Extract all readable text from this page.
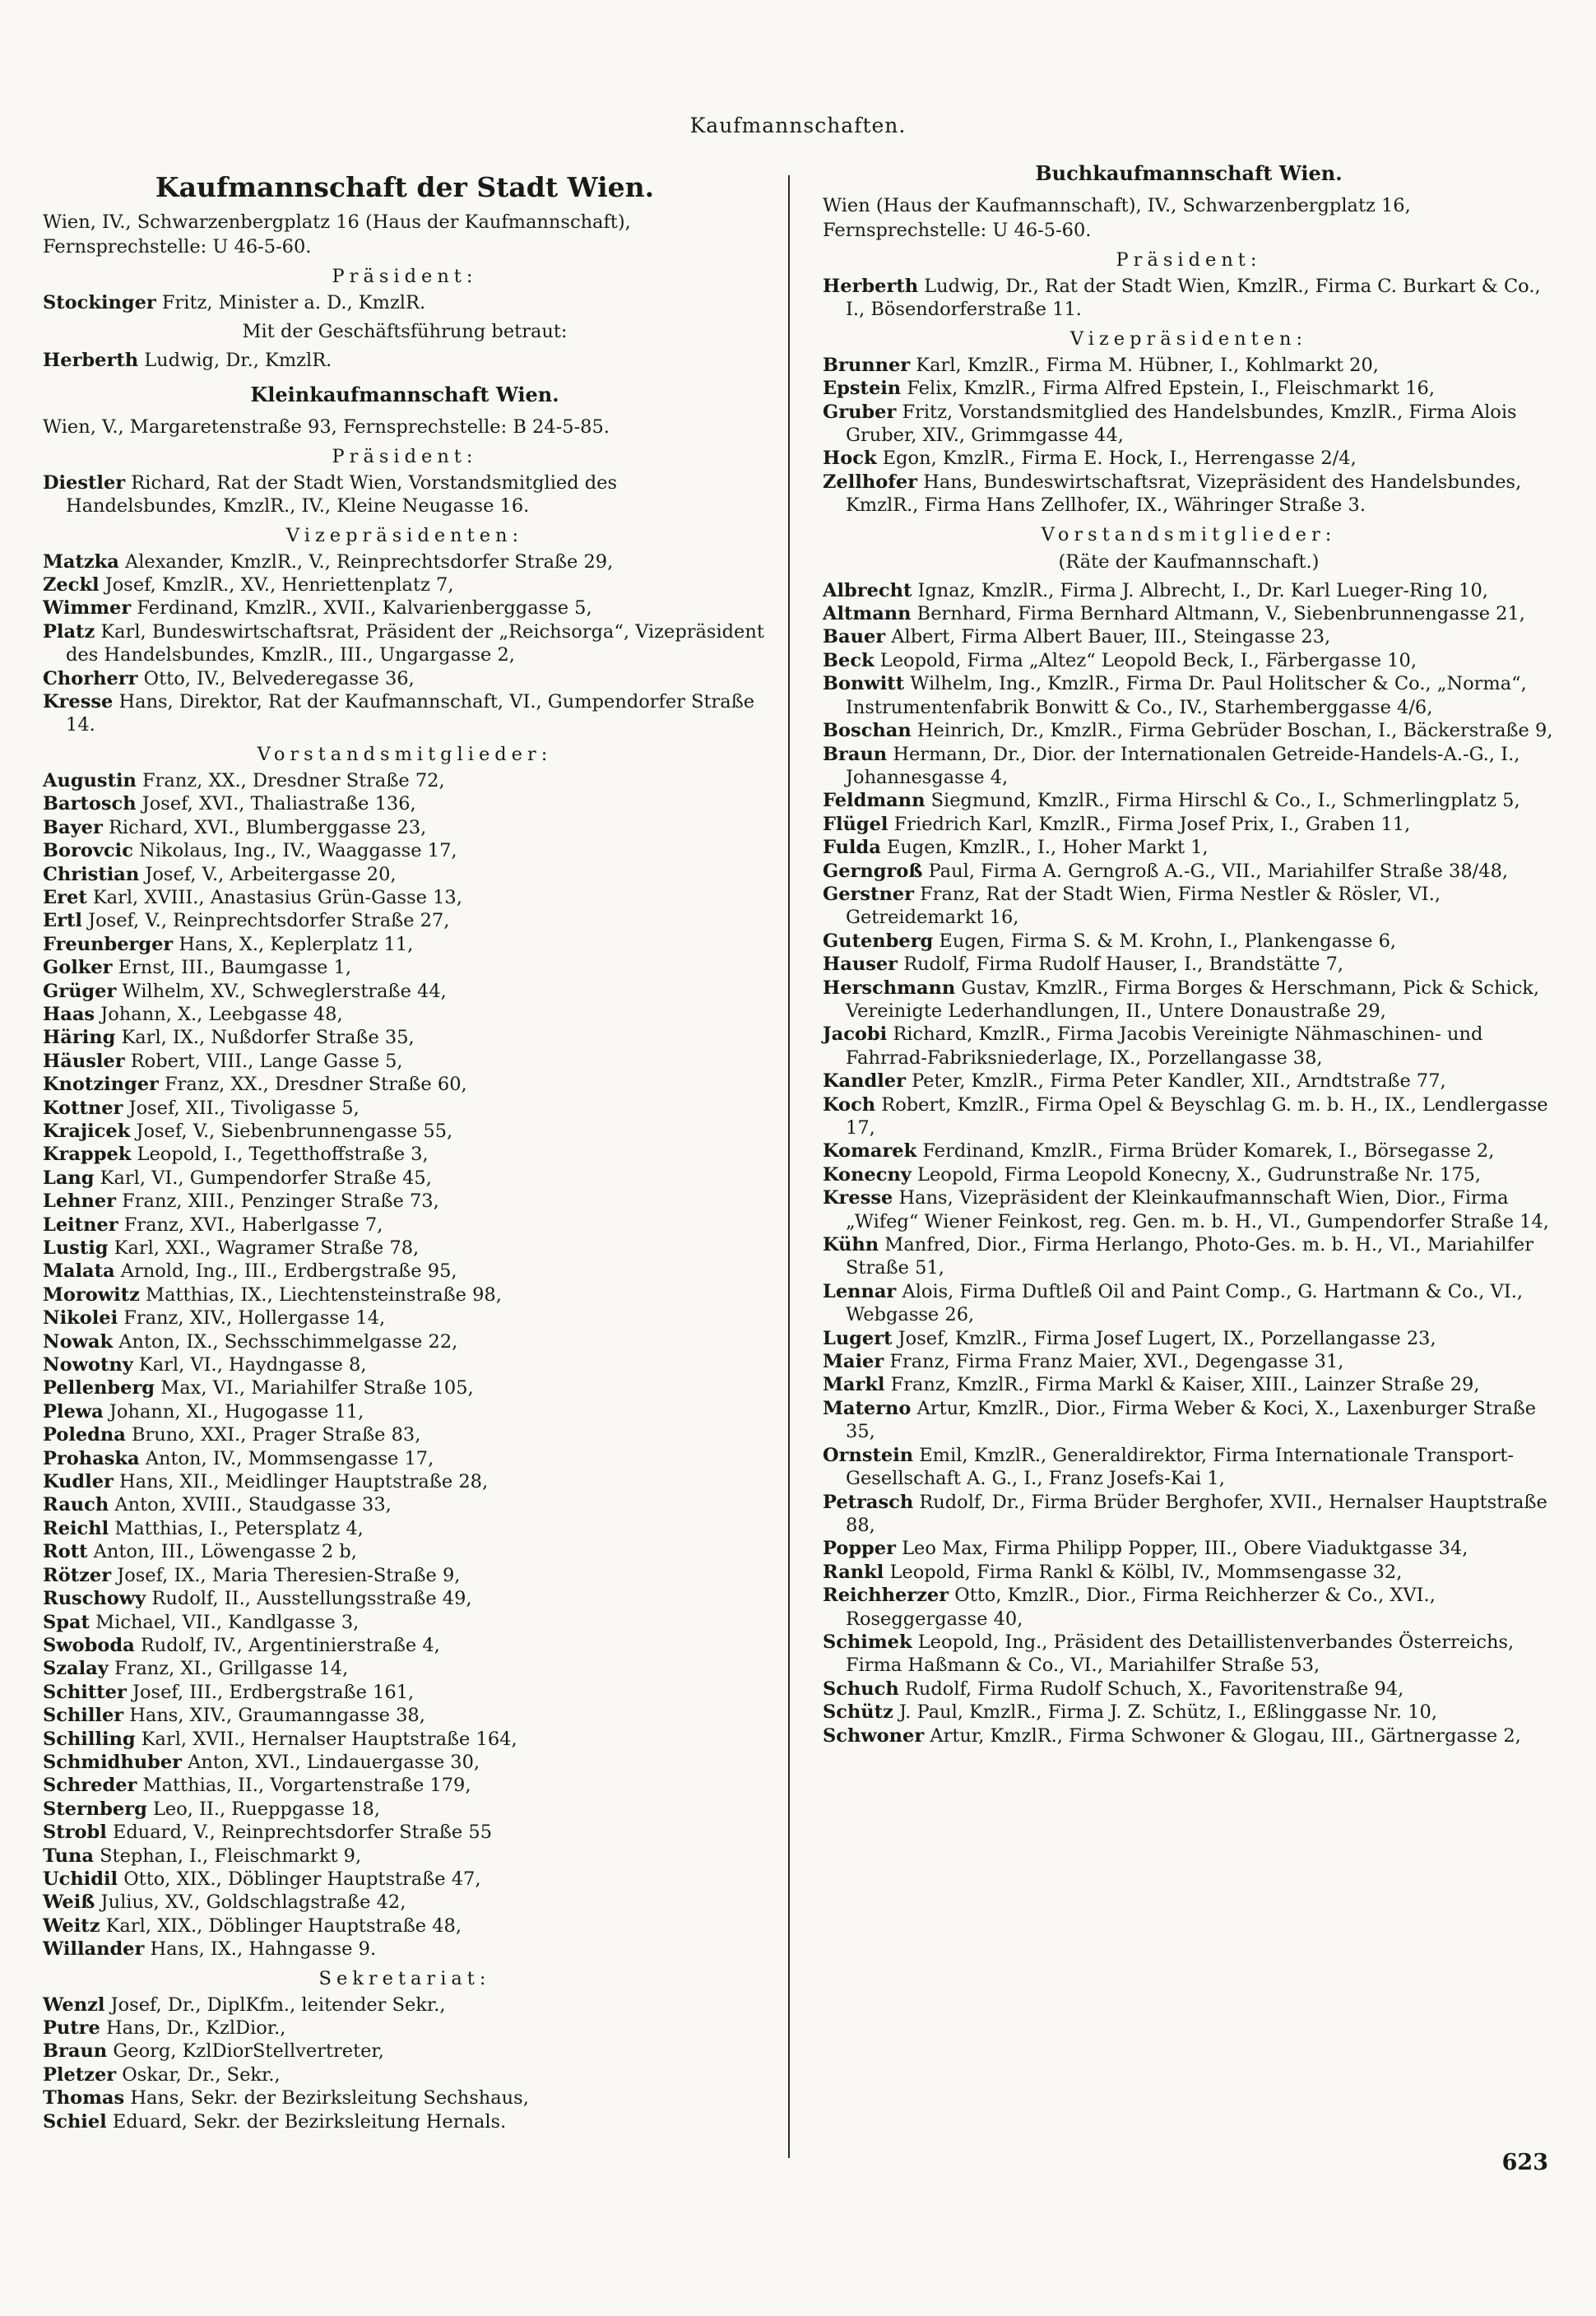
Kaufmannschaften.
Kaufmannschaft der Stadt Wien.
Wien, IV., Schwarzenbergplatz 16 (Haus der Kaufmannschaft), Fernsprechstelle: U 46-5-60.
Präsident:

Stockinger Fritz, Minister a. D., KmzlR.

Mit der Geschäftsführung betraut:

Herberth Ludwig, Dr., KmzlR.

Kleinkaufmannschaft Wien.
Wien, V., Margaretenstraße 93, Fernsprechstelle: B 24-5-85.
Präsident:

Diestler Richard, Rat der Stadt Wien, Vorstandsmitglied des Handelsbundes, KmzlR., IV., Kleine Neugasse 16.

Vizepräsidenten:

Matzka Alexander, KmzlR., V., Reinprechtsdorfer Straße 29,

Zeckl Josef, KmzlR., XV., Henriettenplatz 7,

Wimmer Ferdinand, KmzlR., XVII., Kalvarienberggasse 5,

Platz Karl, Bundeswirtschaftsrat, Präsident der „Reichsorga“, Vizepräsident des Handelsbundes, KmzlR., III., Ungargasse 2,

Chorherr Otto, IV., Belvederegasse 36,

Kresse Hans, Direktor, Rat der Kaufmannschaft, VI., Gumpendorfer Straße 14.

Vorstandsmitglieder:

Augustin Franz, XX., Dresdner Straße 72,

Bartosch Josef, XVI., Thaliastraße 136,

Bayer Richard, XVI., Blumberggasse 23,

Borovcic Nikolaus, Ing., IV., Waaggasse 17,

Christian Josef, V., Arbeitergasse 20,

Eret Karl, XVIII., Anastasius Grün-Gasse 13,

Ertl Josef, V., Reinprechtsdorfer Straße 27,

Freunberger Hans, X., Keplerplatz 11,

Golker Ernst, III., Baumgasse 1,

Grüger Wilhelm, XV., Schweglerstraße 44,

Haas Johann, X., Leebgasse 48,

Häring Karl, IX., Nußdorfer Straße 35,

Häusler Robert, VIII., Lange Gasse 5,

Knotzinger Franz, XX., Dresdner Straße 60,

Kottner Josef, XII., Tivoligasse 5,

Krajicek Josef, V., Siebenbrunnengasse 55,

Krappek Leopold, I., Tegetthoffstraße 3,

Lang Karl, VI., Gumpendorfer Straße 45,

Lehner Franz, XIII., Penzinger Straße 73,

Leitner Franz, XVI., Haberlgasse 7,

Lustig Karl, XXI., Wagramer Straße 78,

Malata Arnold, Ing., III., Erdbergstraße 95,

Morowitz Matthias, IX., Liechtensteinstraße 98,

Nikolei Franz, XIV., Hollergasse 14,

Nowak Anton, IX., Sechsschimmelgasse 22,

Nowotny Karl, VI., Haydngasse 8,

Pellenberg Max, VI., Mariahilfer Straße 105,

Plewa Johann, XI., Hugogasse 11,

Poledna Bruno, XXI., Prager Straße 83,

Prohaska Anton, IV., Mommsengasse 17,

Kudler Hans, XII., Meidlinger Hauptstraße 28,

Rauch Anton, XVIII., Staudgasse 33,

Reichl Matthias, I., Petersplatz 4,

Rott Anton, III., Löwengasse 2 b,

Rötzer Josef, IX., Maria Theresien-Straße 9,

Ruschowy Rudolf, II., Ausstellungsstraße 49,

Spat Michael, VII., Kandlgasse 3,

Swoboda Rudolf, IV., Argentinierstraße 4,

Szalay Franz, XI., Grillgasse 14,

Schitter Josef, III., Erdbergstraße 161,

Schiller Hans, XIV., Graumanngasse 38,

Schilling Karl, XVII., Hernalser Hauptstraße 164,

Schmidhuber Anton, XVI., Lindauergasse 30,

Schreder Matthias, II., Vorgartenstraße 179,

Sternberg Leo, II., Rueppgasse 18,

Strobl Eduard, V., Reinprechtsdorfer Straße 55

Tuna Stephan, I., Fleischmarkt 9,

Uchidil Otto, XIX., Döblinger Hauptstraße 47,

Weiß Julius, XV., Goldschlagstraße 42,

Weitz Karl, XIX., Döblinger Hauptstraße 48,

Willander Hans, IX., Hahngasse 9.

Sekretariat:

Wenzl Josef, Dr., DiplKfm., leitender Sekr.,

Putre Hans, Dr., KzlDior.,

Braun Georg, KzlDiorStellvertreter,

Pletzer Oskar, Dr., Sekr.,

Thomas Hans, Sekr. der Bezirksleitung Sechshaus,

Schiel Eduard, Sekr. der Bezirksleitung Hernals.

Buchkaufmannschaft Wien.
Wien (Haus der Kaufmannschaft), IV., Schwarzenbergplatz 16, Fernsprechstelle: U 46-5-60.
Präsident:

Herberth Ludwig, Dr., Rat der Stadt Wien, KmzlR., Firma C. Burkart & Co., I., Bösendorferstraße 11.

Vizepräsidenten:

Brunner Karl, KmzlR., Firma M. Hübner, I., Kohlmarkt 20,

Epstein Felix, KmzlR., Firma Alfred Epstein, I., Fleischmarkt 16,

Gruber Fritz, Vorstandsmitglied des Handelsbundes, KmzlR., Firma Alois Gruber, XIV., Grimmgasse 44,

Hock Egon, KmzlR., Firma E. Hock, I., Herrengasse 2/4,

Zellhofer Hans, Bundeswirtschaftsrat, Vizepräsident des Handelsbundes, KmzlR., Firma Hans Zellhofer, IX., Währinger Straße 3.

Vorstandsmitglieder:
(Räte der Kaufmannschaft.)

Albrecht Ignaz, KmzlR., Firma J. Albrecht, I., Dr. Karl Lueger-Ring 10,

Altmann Bernhard, Firma Bernhard Altmann, V., Siebenbrunnengasse 21,

Bauer Albert, Firma Albert Bauer, III., Steingasse 23,

Beck Leopold, Firma „Altez“ Leopold Beck, I., Färbergasse 10,

Bonwitt Wilhelm, Ing., KmzlR., Firma Dr. Paul Holitscher & Co., „Norma“, Instrumentenfabrik Bonwitt & Co., IV., Starhemberggasse 4/6,

Boschan Heinrich, Dr., KmzlR., Firma Gebrüder Boschan, I., Bäckerstraße 9,

Braun Hermann, Dr., Dior. der Internationalen Getreide-Handels-A.-G., I., Johannesgasse 4,

Feldmann Siegmund, KmzlR., Firma Hirschl & Co., I., Schmerlingplatz 5,

Flügel Friedrich Karl, KmzlR., Firma Josef Prix, I., Graben 11,

Fulda Eugen, KmzlR., I., Hoher Markt 1,

Gerngroß Paul, Firma A. Gerngroß A.-G., VII., Mariahilfer Straße 38/48,

Gerstner Franz, Rat der Stadt Wien, Firma Nestler & Rösler, VI., Getreidemarkt 16,

Gutenberg Eugen, Firma S. & M. Krohn, I., Plankengasse 6,

Hauser Rudolf, Firma Rudolf Hauser, I., Brandstätte 7,

Herschmann Gustav, KmzlR., Firma Borges & Herschmann, Pick & Schick, Vereinigte Lederhandlungen, II., Untere Donaustraße 29,

Jacobi Richard, KmzlR., Firma Jacobis Vereinigte Nähmaschinen- und Fahrrad-Fabriksniederlage, IX., Porzellangasse 38,

Kandler Peter, KmzlR., Firma Peter Kandler, XII., Arndtstraße 77,

Koch Robert, KmzlR., Firma Opel & Beyschlag G. m. b. H., IX., Lendlergasse 17,

Komarek Ferdinand, KmzlR., Firma Brüder Komarek, I., Börsegasse 2,

Konecny Leopold, Firma Leopold Konecny, X., Gudrunstraße Nr. 175,

Kresse Hans, Vizepräsident der Kleinkaufmannschaft Wien, Dior., Firma „Wifeg“ Wiener Feinkost, reg. Gen. m. b. H., VI., Gumpendorfer Straße 14,

Kühn Manfred, Dior., Firma Herlango, Photo-Ges. m. b. H., VI., Mariahilfer Straße 51,

Lennar Alois, Firma Duftleß Oil and Paint Comp., G. Hartmann & Co., VI., Webgasse 26,

Lugert Josef, KmzlR., Firma Josef Lugert, IX., Porzellangasse 23,

Maier Franz, Firma Franz Maier, XVI., Degengasse 31,

Markl Franz, KmzlR., Firma Markl & Kaiser, XIII., Lainzer Straße 29,

Materno Artur, KmzlR., Dior., Firma Weber & Koci, X., Laxenburger Straße 35,

Ornstein Emil, KmzlR., Generaldirektor, Firma Internationale Transport-Gesellschaft A. G., I., Franz Josefs-Kai 1,

Petrasch Rudolf, Dr., Firma Brüder Berghofer, XVII., Hernalser Hauptstraße 88,

Popper Leo Max, Firma Philipp Popper, III., Obere Viaduktgasse 34,

Rankl Leopold, Firma Rankl & Kölbl, IV., Mommsengasse 32,

Reichherzer Otto, KmzlR., Dior., Firma Reichherzer & Co., XVI., Roseggergasse 40,

Schimek Leopold, Ing., Präsident des Detaillistenverbandes Österreichs, Firma Haßmann & Co., VI., Mariahilfer Straße 53,

Schuch Rudolf, Firma Rudolf Schuch, X., Favoritenstraße 94,

Schütz J. Paul, KmzlR., Firma J. Z. Schütz, I., Eßlinggasse Nr. 10,

Schwoner Artur, KmzlR., Firma Schwoner & Glogau, III., Gärtnergasse 2,

623
